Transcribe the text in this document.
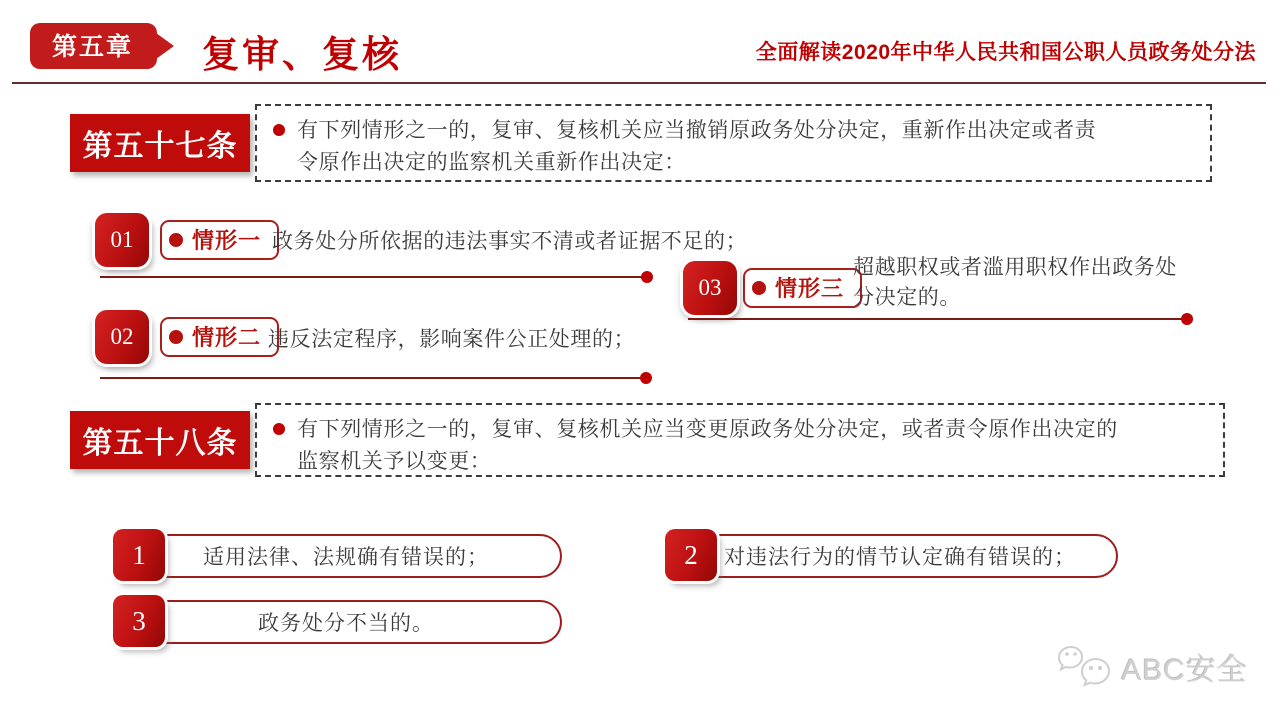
第五章 复审、复核	全面解读2020年中华人民共和国公职人员政务处分法
第五十七条	有下列情形之一的，复审、复核机关应当撤销原政务处分决定，重新作出决定或者责令原作出决定的监察机关重新作出决定：
01	情形一 政务处分所依据的违法事实不清或者证据不足的；
02	情形二 违反法定程序，影响案件公正处理的；
03	情形三
超越职权或者滥用职权作出政务处分决定的。
第五十八条	有下列情形之一的，复审、复核机关应当变更原政务处分决定，或者责令原作出决定的监察机关予以变更：
1	适用法律、法规确有错误的；	2	对违法行为的情节认定确有错误的；
3	政务处分不当的。
ABC安全
